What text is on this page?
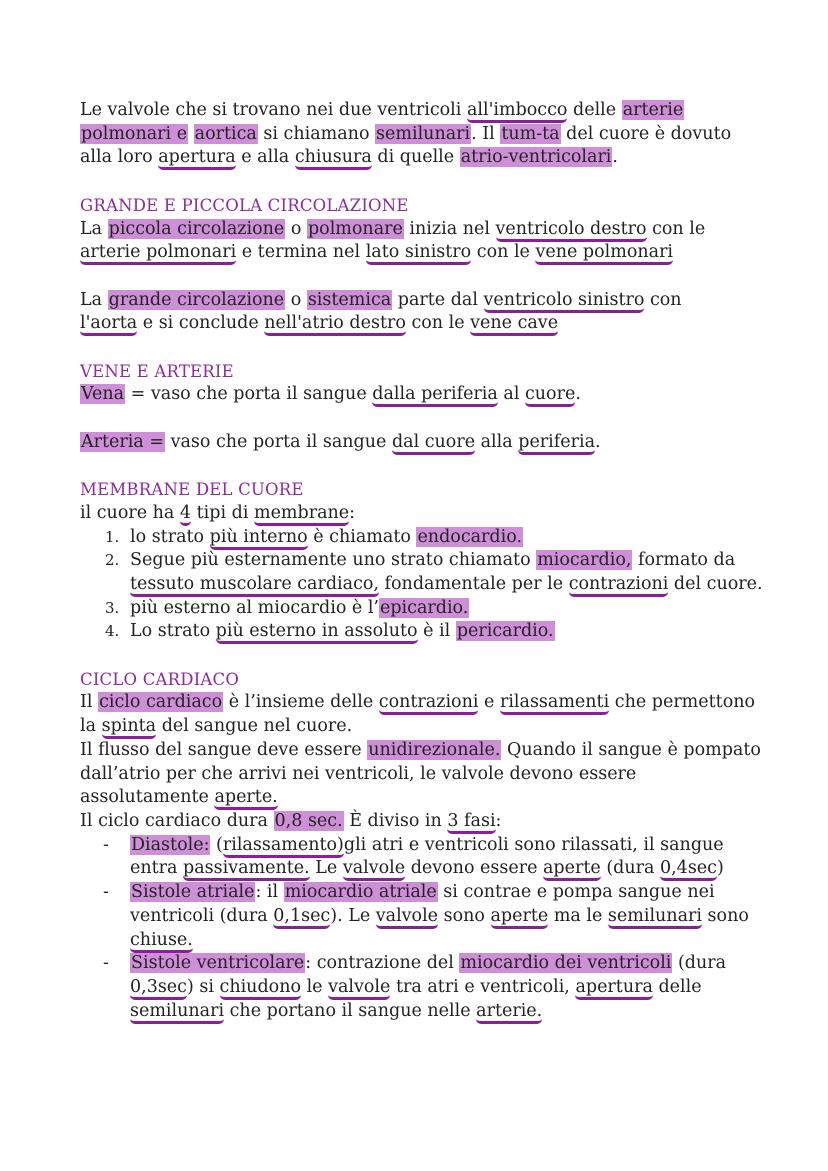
Le valvole che si trovano nei due ventricoli all'imbocco delle arterie

polmonari e aortica si chiamano semilunari. Il tum-ta del cuore è dovuto

alla loro apertura e alla chiusura di quelle atrio-ventricolari.

GRANDE E PICCOLA CIRCOLAZIONE

La piccola circolazione o polmonare inizia nel ventricolo destro con le
arterie polmonari e termina nel lato sinistro con le vene polmonari

La grande circolazione o sistemica parte dal ventricolo sinistro con
l'aorta e si conclude nell'atrio destro con le vene cave

VENE E ARTERIE

Vena = vaso che porta il sangue dalla periferia al cuore.

Arteria = vaso che porta il sangue dal cuore alla periferia.

MEMBRANE DEL CUORE

il cuore ha 4 tipi di membrane:

lo strato più interno è chiamato endocardio.
Segue più esternamente uno strato chiamato miocardio, formato da tessuto muscolare cardiaco, fondamentale per le contrazioni del cuore.
più esterno al miocardio è l’epicardio.
Lo strato più esterno in assoluto è il pericardio.

CICLO CARDIACO

Il ciclo cardiaco è l’insieme delle contrazioni e rilassamenti che permettono la spinta del sangue nel cuore.

Il flusso del sangue deve essere unidirezionale. Quando il sangue è pompato dall’atrio per che arrivi nei ventricoli, le valvole devono essere assolutamente aperte.

Il ciclo cardiaco dura 0,8 sec. È diviso in 3 fasi:

- Diastole: (rilassamento)gli atri e ventricoli sono rilassati, il sangue entra passivamente. Le valvole devono essere aperte (dura 0,4sec)
- Sistole atriale: il miocardio atriale si contrae e pompa sangue nei ventricoli (dura 0,1sec). Le valvole sono aperte ma le semilunari sono chiuse.
- Sistole ventricolare: contrazione del miocardio dei ventricoli (dura 0,3sec) si chiudono le valvole tra atri e ventricoli, apertura delle semilunari che portano il sangue nelle arterie.
